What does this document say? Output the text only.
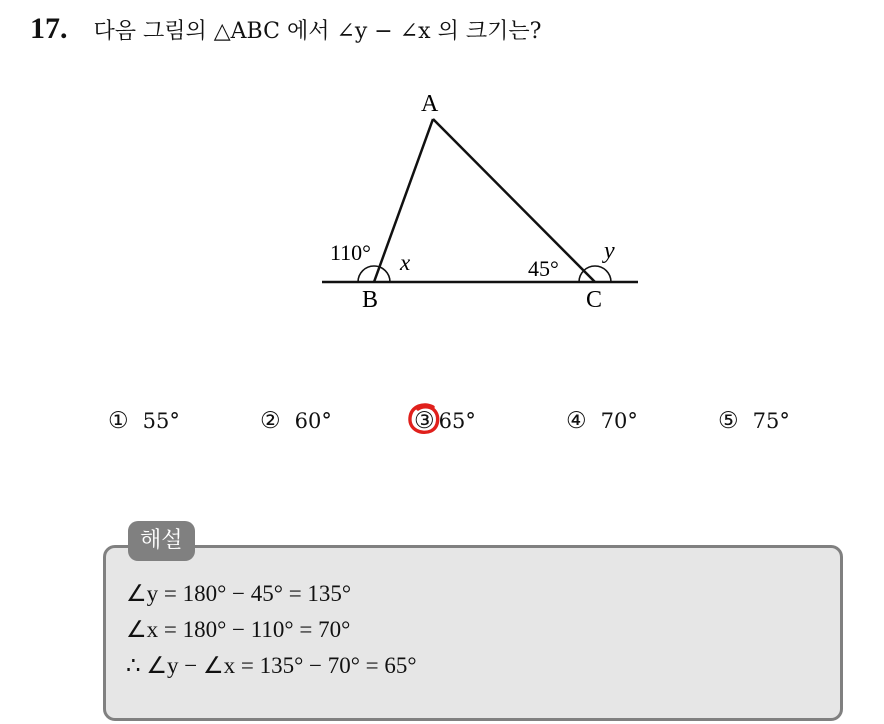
17. 다음 그림의 △ABC 에서 ∠y − ∠x 의 크기는?
A
B	C
110° x	45°
y
① 55°	② 60°	③ 65°	④ 70°	⑤ 75°
해설
∠y = 180° − 45° = 135°
∠x = 180° − 110° = 70°
∴ ∠y − ∠x = 135° − 70° = 65°
